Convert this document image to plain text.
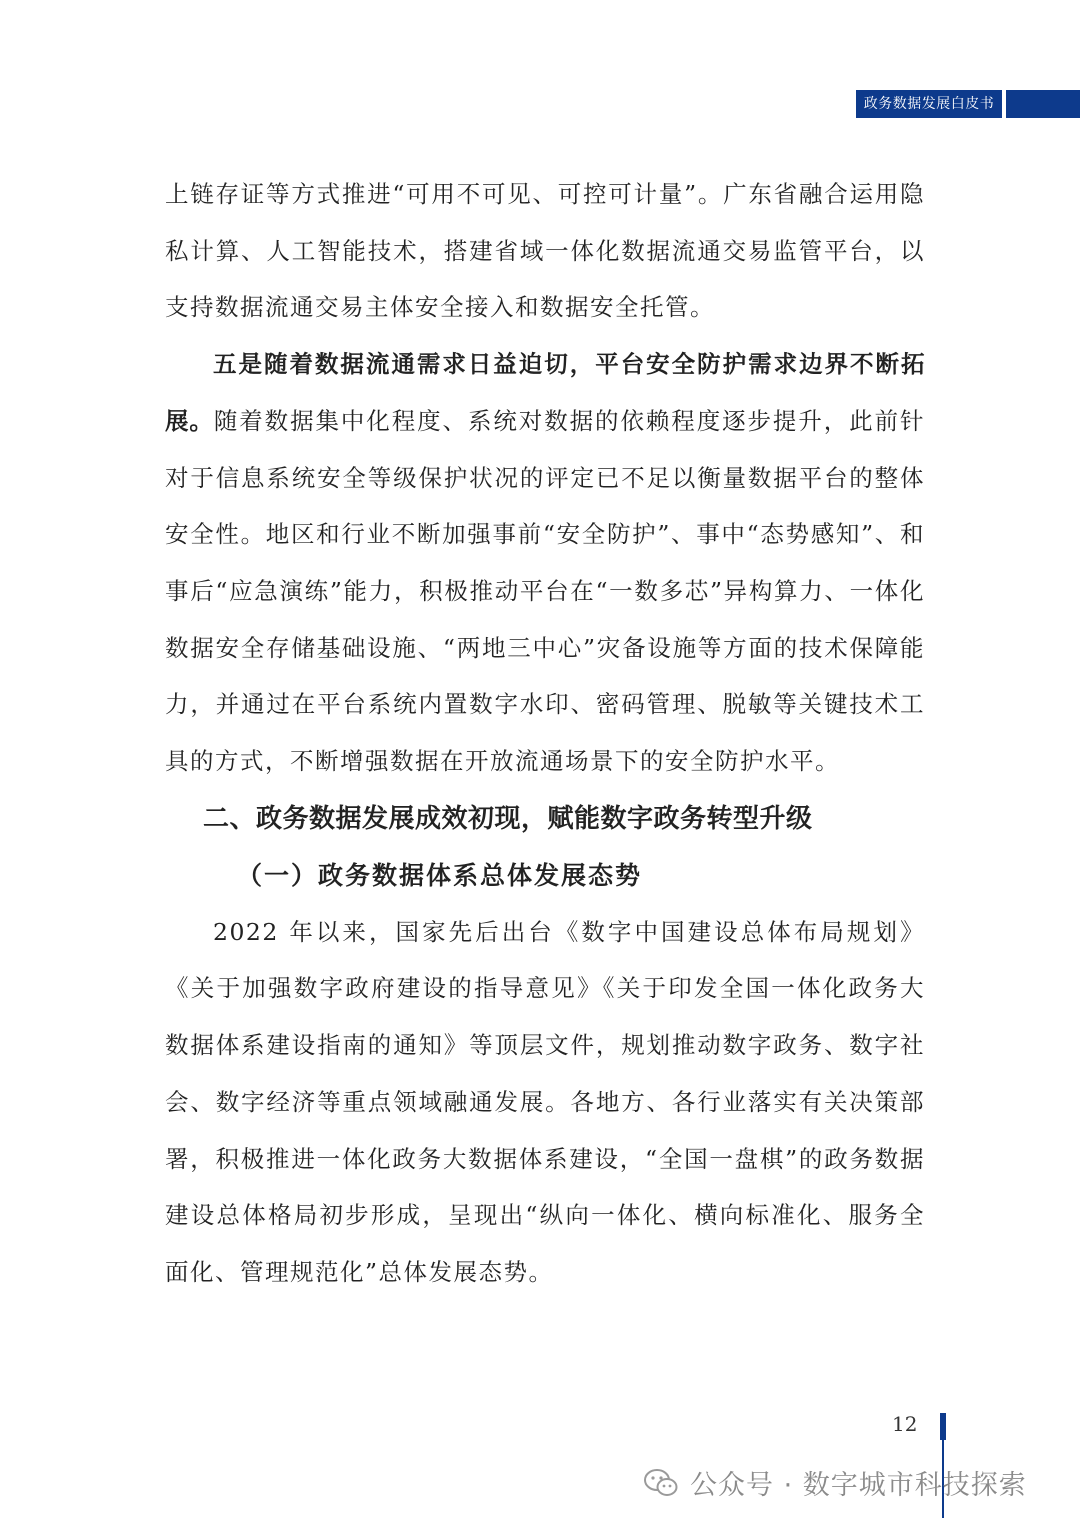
政务数据发展白皮书

上链存证等方式推进“可用不可见、可控可计量”。广东省融合运用隐私计算、人工智能技术，搭建省域一体化数据流通交易监管平台，以支持数据流通交易主体安全接入和数据安全托管。

五是随着数据流通需求日益迫切，平台安全防护需求边界不断拓展。随着数据集中化程度、系统对数据的依赖程度逐步提升，此前针对于信息系统安全等级保护状况的评定已不足以衡量数据平台的整体安全性。地区和行业不断加强事前“安全防护”、事中“态势感知”、和事后“应急演练”能力，积极推动平台在“一数多芯”异构算力、一体化数据安全存储基础设施、“两地三中心”灾备设施等方面的技术保障能力，并通过在平台系统内置数字水印、密码管理、脱敏等关键技术工具的方式，不断增强数据在开放流通场景下的安全防护水平。

二、政务数据发展成效初现，赋能数字政务转型升级
（一）政务数据体系总体发展态势

2022 年以来，国家先后出台《数字中国建设总体布局规划》《关于加强数字政府建设的指导意见》《关于印发全国一体化政务大数据体系建设指南的通知》等顶层文件，规划推动数字政务、数字社会、数字经济等重点领域融通发展。各地方、各行业落实有关决策部署，积极推进一体化政务大数据体系建设，“全国一盘棋”的政务数据建设总体格局初步形成，呈现出“纵向一体化、横向标准化、服务全面化、管理规范化”总体发展态势。

12
公众号 · 数字城市科技探索
